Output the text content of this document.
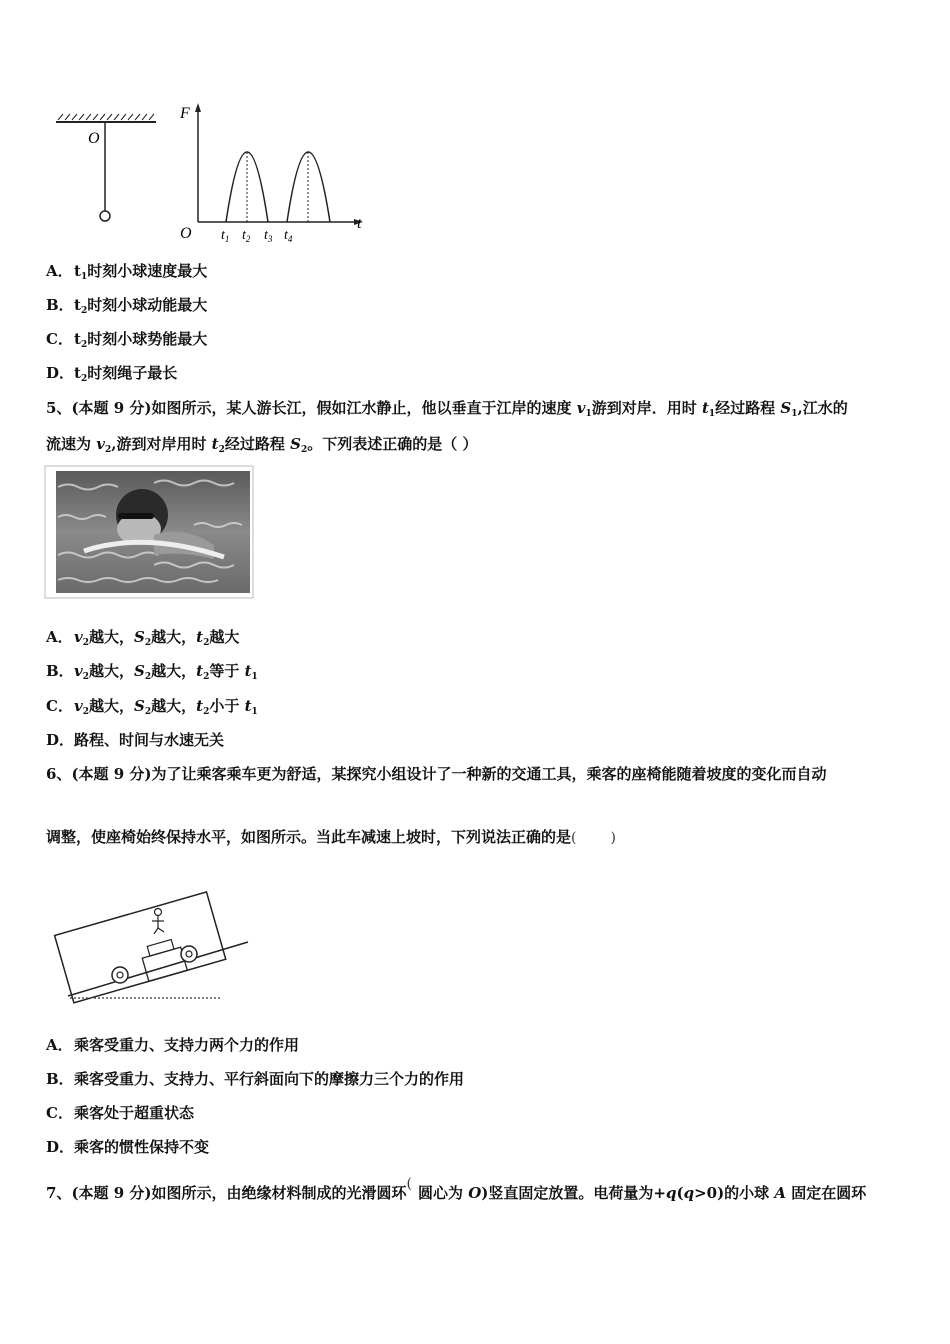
O
F
t
O $t_1$ $t_2$ $t_3$ $t_4$
A．$t_1$时刻小球速度最大
B．$t_2$时刻小球动能最大
C．$t_2$时刻小球势能最大
D．$t_2$时刻绳子最长
5、(本题 9 分)如图所示，某人游长江，假如江水静止，他以垂直于江岸的速度 $v_1$游到对岸．用时 $t_1$经过路程 $S_1$,江水的
流速为 $v_2$,游到对岸用时 $t_2$经过路程 $S_2$。下列表述正确的是（ ）
A．$v_2$越大，$S_2$越大，$t_2$越大
B．$v_2$越大，$S_2$越大，$t_2$等于 $t_1$
C．$v_2$越大，$S_2$越大，$t_2$小于 $t_1$
D．路程、时间与水速无关
6、(本题 9 分)为了让乘客乘车更为舒适，某探究小组设计了一种新的交通工具，乘客的座椅能随着坡度的变化而自动
调整，使座椅始终保持水平，如图所示。当此车减速上坡时，下列说法正确的是( )
A．乘客受重力、支持力两个力的作用
B．乘客受重力、支持力、平行斜面向下的摩擦力三个力的作用
C．乘客处于超重状态
D．乘客的惯性保持不变
7、(本题 9 分)如图所示，由绝缘材料制成的光滑圆环( 圆心为 O)竖直固定放置。电荷量为+q(q>0)的小球 A 固定在圆环
